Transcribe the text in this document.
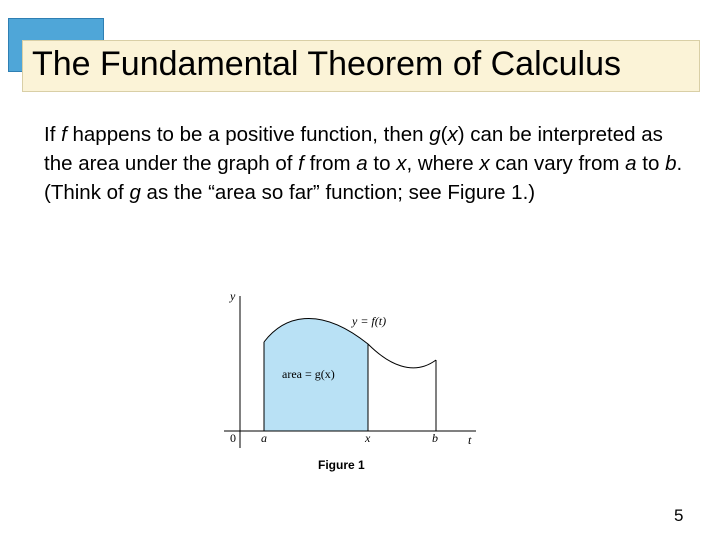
The Fundamental Theorem of Calculus
If f happens to be a positive function, then g(x) can be interpreted as the area under the graph of f from a to x, where x can vary from a to b. (Think of g as the “area so far” function; see Figure 1.)
y
t
0 a	x	b
y = f(t)
area = g(x)
Figure 1
5
